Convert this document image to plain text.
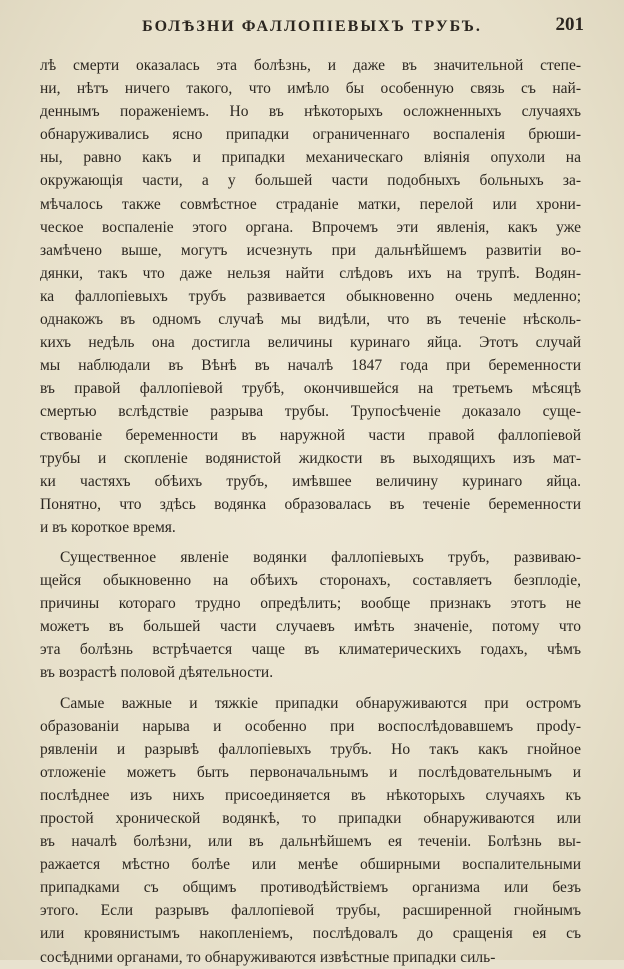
БОЛѢЗНИ ФАЛЛОПІЕВЫХЪ ТРУБЪ.	201
лѣ смерти оказалась эта болѣзнь, и даже въ значительной степе-
ни, нѣтъ ничего такого, что имѣло бы особенную связь съ най-
деннымъ пораженіемъ. Но въ нѣкоторыхъ осложненныхъ случаяхъ
обнаруживались ясно припадки ограниченнаго воспаленія брюши-
ны, равно какъ и припадки механическаго вліянія опухоли на
окружающія части, а у большей части подобныхъ больныхъ за-
мѣчалось также совмѣстное страданіе матки, перелой или хрони-
ческое воспаленіе этого органа. Впрочемъ эти явленія, какъ уже
замѣчено выше, могутъ исчезнуть при дальнѣйшемъ развитіи во-
дянки, такъ что даже нельзя найти слѣдовъ ихъ на трупѣ. Водян-
ка фаллопіевыхъ трубъ развивается обыкновенно очень медленно;
однакожъ въ одномъ случаѣ мы видѣли, что въ теченіе нѣсколь-
кихъ недѣль она достигла величины куринаго яйца. Этотъ случай
мы наблюдали въ Вѣнѣ въ началѣ 1847 года при беременности
въ правой фаллопіевой трубѣ, окончившейся на третьемъ мѣсяцѣ
смертью вслѣдствіе разрыва трубы. Трупосѣченіе доказало суще-
ствованіе беременности въ наружной части правой фаллопіевой
трубы и скопленіе водянистой жидкости въ выходящихъ изъ мат-
ки частяхъ обѣихъ трубъ, имѣвшее величину куринаго яйца.
Понятно, что здѣсь водянка образовалась въ теченіе беременности
и въ короткое время.
Существенное явленіе водянки фаллопіевыхъ трубъ, развиваю-
щейся обыкновенно на обѣихъ сторонахъ, составляетъ безплодіе,
причины котораго трудно опредѣлить; вообще признакъ этотъ не
можетъ въ большей части случаевъ имѣть значеніе, потому что
эта болѣзнь встрѣчается чаще въ климатерическихъ годахъ, чѣмъ
въ возрастѣ половой дѣятельности.
Самые важные и тяжкіе припадки обнаруживаются при остромъ
образованіи нарыва и особенно при воспослѣдовавшемъ прody-
рявленіи и разрывѣ фаллопіевыхъ трубъ. Но такъ какъ гнойное
отложеніе можетъ быть первоначальнымъ и послѣдовательнымъ и
послѣднее изъ нихъ присоединяется въ нѣкоторыхъ случаяхъ къ
простой хронической водянкѣ, то припадки обнаруживаются или
въ началѣ болѣзни, или въ дальнѣйшемъ ея теченіи. Болѣзнь вы-
ражается мѣстно болѣе или менѣе обширными воспалительными
припадками съ общимъ противодѣйствіемъ организма или безъ
этого. Если разрывъ фаллопіевой трубы, расширенной гнойнымъ
или кровянистымъ накопленіемъ, послѣдовалъ до сращенія ея съ
сосѣдними органами, то обнаруживаются извѣстные припадки силь-
